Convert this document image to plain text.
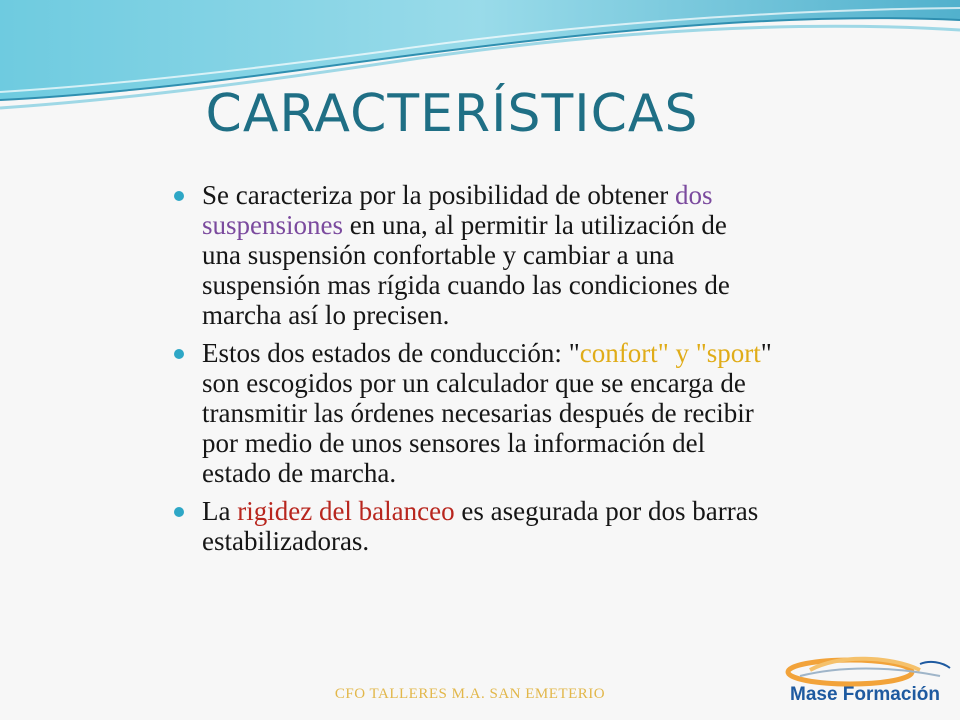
CARACTERÍSTICAS
Se caracteriza por la posibilidad de obtener dos suspensiones en una, al permitir la utilización de una suspensión confortable y cambiar a una suspensión mas rígida cuando las condiciones de marcha así lo precisen.
Estos dos estados de conducción: "confort" y "sport" son escogidos por un calculador que se encarga de transmitir las órdenes necesarias después de recibir por medio de unos sensores la información del estado de marcha.
La rigidez del balanceo es asegurada por dos barras estabilizadoras.
CFO TALLERES M.A. SAN EMETERIO	Mase Formación
